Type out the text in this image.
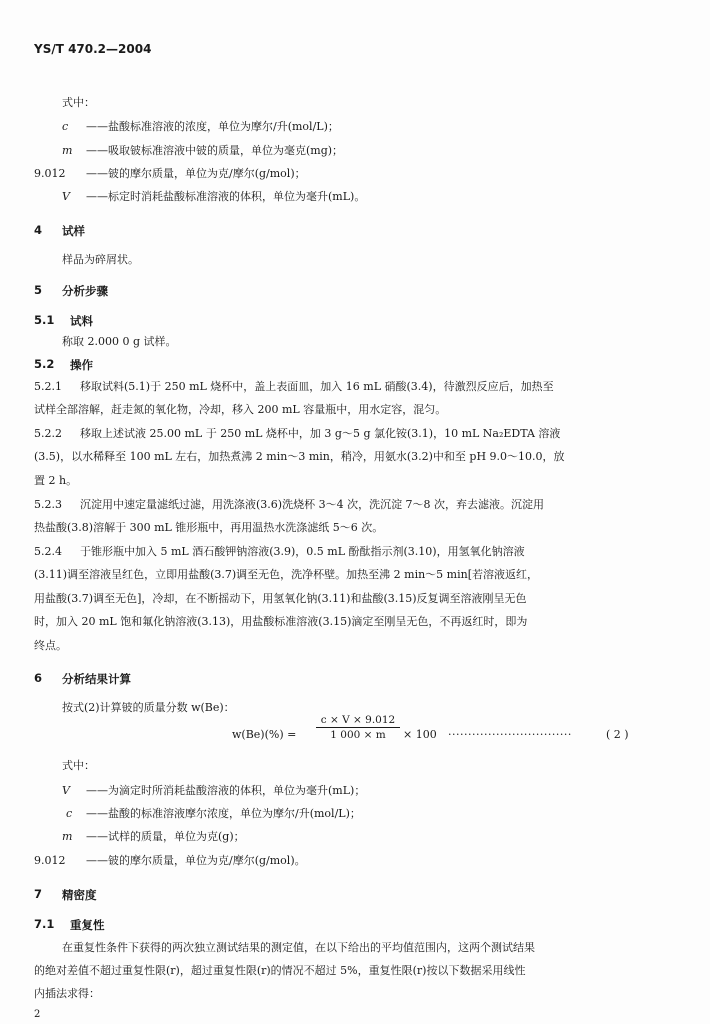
YS/T 470.2—2004
式中：
c ——盐酸标准溶液的浓度，单位为摩尔/升(mol/L)；
m ——吸取铍标准溶液中铍的质量，单位为毫克(mg)；
9.012 ——铍的摩尔质量，单位为克/摩尔(g/mol)；
V ——标定时消耗盐酸标准溶液的体积，单位为毫升(mL)。
4 试样
样品为碎屑状。
5 分析步骤
5.1 试料
称取 2.000 0 g 试样。
5.2 操作
5.2.1 移取试料(5.1)于 250 mL 烧杯中，盖上表面皿，加入 16 mL 硝酸(3.4)，待激烈反应后，加热至
试样全部溶解，赶走氮的氧化物，冷却，移入 200 mL 容量瓶中，用水定容，混匀。
5.2.2 移取上述试液 25.00 mL 于 250 mL 烧杯中，加 3 g～5 g 氯化铵(3.1)，10 mL Na₂EDTA 溶液
(3.5)，以水稀释至 100 mL 左右，加热煮沸 2 min～3 min，稍冷，用氨水(3.2)中和至 pH 9.0～10.0，放
置 2 h。
5.2.3 沉淀用中速定量滤纸过滤，用洗涤液(3.6)洗烧杯 3～4 次，洗沉淀 7～8 次，弃去滤液。沉淀用
热盐酸(3.8)溶解于 300 mL 锥形瓶中，再用温热水洗涤滤纸 5～6 次。
5.2.4 于锥形瓶中加入 5 mL 酒石酸钾钠溶液(3.9)，0.5 mL 酚酞指示剂(3.10)，用氢氧化钠溶液
(3.11)调至溶液呈红色，立即用盐酸(3.7)调至无色，洗净杯壁。加热至沸 2 min～5 min[若溶液返红，
用盐酸(3.7)调至无色]，冷却，在不断摇动下，用氢氧化钠(3.11)和盐酸(3.15)反复调至溶液刚呈无色
时，加入 20 mL 饱和氟化钠溶液(3.13)，用盐酸标准溶液(3.15)滴定至刚呈无色，不再返红时，即为
终点。
6 分析结果计算
按式(2)计算铍的质量分数 w(Be)：
w(Be)(%) =
c × V × 9.012
1 000 × m	× 100 ·······························	( 2 )
式中：
V ——为滴定时所消耗盐酸溶液的体积，单位为毫升(mL)；
c ——盐酸的标准溶液摩尔浓度，单位为摩尔/升(mol/L)；
m ——试样的质量，单位为克(g)；
9.012 ——铍的摩尔质量，单位为克/摩尔(g/mol)。
7 精密度
7.1 重复性
在重复性条件下获得的两次独立测试结果的测定值，在以下给出的平均值范围内，这两个测试结果
的绝对差值不超过重复性限(r)，超过重复性限(r)的情况不超过 5%，重复性限(r)按以下数据采用线性
内插法求得：
2
